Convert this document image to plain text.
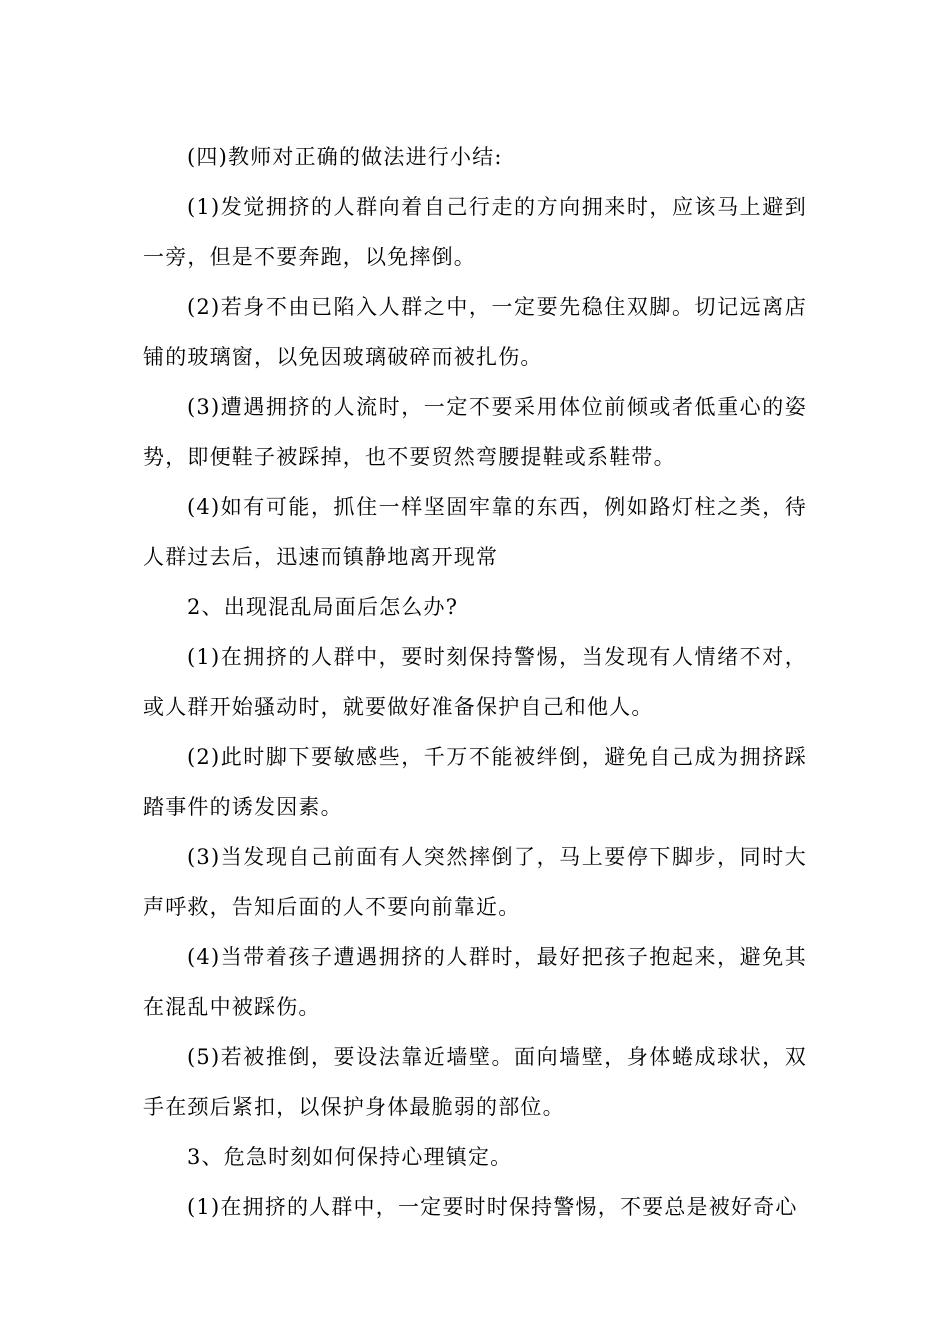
(四)教师对正确的做法进行小结:

(1)发觉拥挤的人群向着自己行走的方向拥来时，应该马上避到一旁，但是不要奔跑，以免摔倒。

(2)若身不由已陷入人群之中，一定要先稳住双脚。切记远离店铺的玻璃窗，以免因玻璃破碎而被扎伤。

(3)遭遇拥挤的人流时，一定不要采用体位前倾或者低重心的姿势，即便鞋子被踩掉，也不要贸然弯腰提鞋或系鞋带。

(4)如有可能，抓住一样坚固牢靠的东西，例如路灯柱之类，待人群过去后，迅速而镇静地离开现常

2、出现混乱局面后怎么办?

(1)在拥挤的人群中，要时刻保持警惕，当发现有人情绪不对，或人群开始骚动时，就要做好准备保护自己和他人。

(2)此时脚下要敏感些，千万不能被绊倒，避免自己成为拥挤踩踏事件的诱发因素。

(3)当发现自己前面有人突然摔倒了，马上要停下脚步，同时大声呼救，告知后面的人不要向前靠近。

(4)当带着孩子遭遇拥挤的人群时，最好把孩子抱起来，避免其在混乱中被踩伤。

(5)若被推倒，要设法靠近墙壁。面向墙壁，身体蜷成球状，双手在颈后紧扣，以保护身体最脆弱的部位。

3、危急时刻如何保持心理镇定。

(1)在拥挤的人群中，一定要时时保持警惕，不要总是被好奇心
